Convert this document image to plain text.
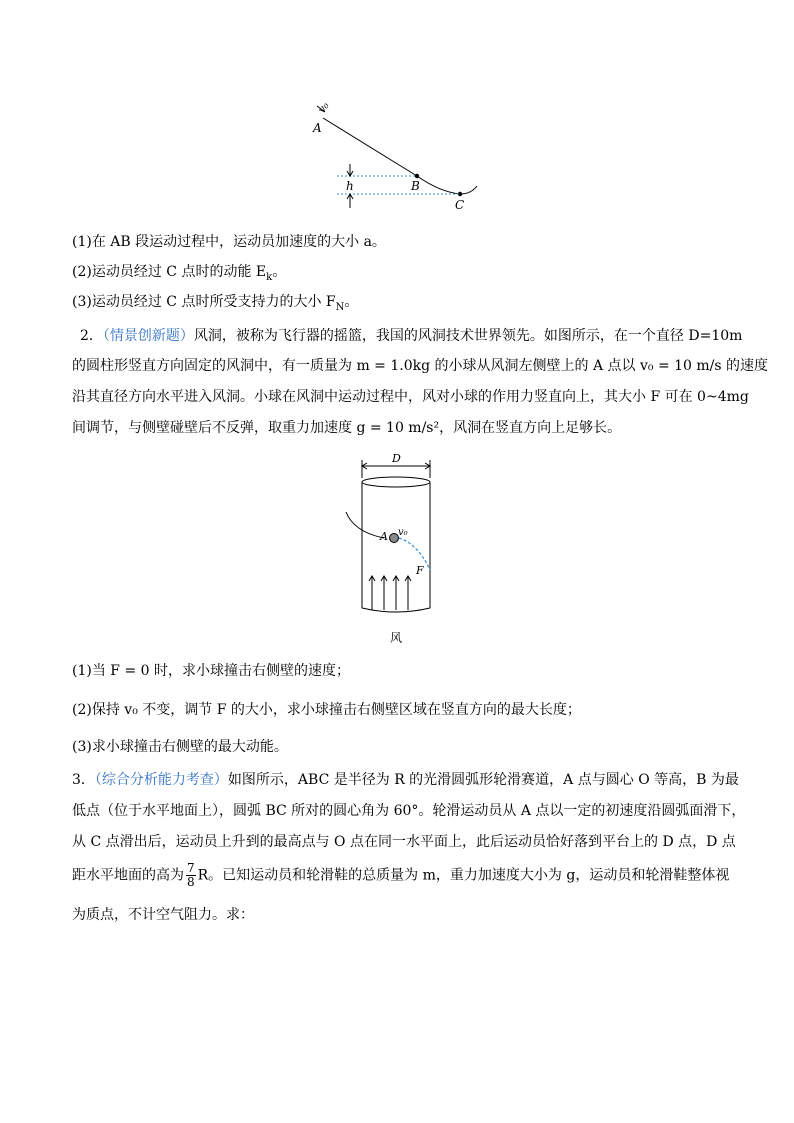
v₀
A
B
C
h
(1)在 AB 段运动过程中，运动员加速度的大小 a。
(2)运动员经过 C 点时的动能 $E_k$。
(3)运动员经过 C 点时所受支持力的大小 $F_N$。
2．（情景创新题）风洞，被称为飞行器的摇篮，我国的风洞技术世界领先。如图所示，在一个直径 D=10m
的圆柱形竖直方向固定的风洞中，有一质量为 m = 1.0kg 的小球从风洞左侧壁上的 A 点以 v₀ = 10 m/s 的速度
沿其直径方向水平进入风洞。小球在风洞中运动过程中，风对小球的作用力竖直向上，其大小 F 可在 0~4mg
间调节，与侧壁碰壁后不反弹，取重力加速度 g = 10 m/s²，风洞在竖直方向上足够长。
D
A v₀
F
风
(1)当 F = 0 时，求小球撞击右侧壁的速度；
(2)保持 v₀ 不变，调节 F 的大小，求小球撞击右侧壁区域在竖直方向的最大长度；
(3)求小球撞击右侧壁的最大动能。
3．（综合分析能力考查）如图所示，ABC 是半径为 R 的光滑圆弧形轮滑赛道，A 点与圆心 O 等高，B 为最
低点（位于水平地面上），圆弧 BC 所对的圆心角为 60°。轮滑运动员从 A 点以一定的初速度沿圆弧面滑下，
从 C 点滑出后，运动员上升到的最高点与 O 点在同一水平面上，此后运动员恰好落到平台上的 D 点，D 点
距水平地面的高为 $\frac{7}{8}$ R。已知运动员和轮滑鞋的总质量为 m，重力加速度大小为 g，运动员和轮滑鞋整体视
为质点，不计空气阻力。求：
